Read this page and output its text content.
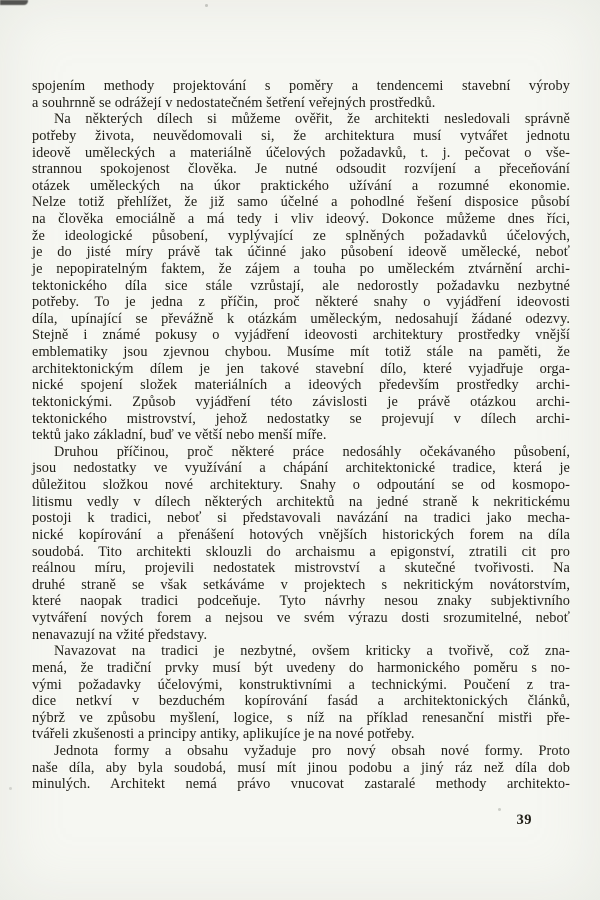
spojením methody projektování s poměry a tendencemi stavební výroby
a souhrnně se odrážejí v nedostatečném šetření veřejných prostředků.
Na některých dílech si můžeme ověřit, že architekti nesledovali správně
potřeby života, neuvědomovali si, že architektura musí vytvářet jednotu
ideově uměleckých a materiálně účelových požadavků, t. j. pečovat o vše-
strannou spokojenost člověka. Je nutné odsoudit rozvíjení a přeceňování
otázek uměleckých na úkor praktického užívání a rozumné ekonomie.
Nelze totiž přehlížet, že již samo účelné a pohodlné řešení disposice působí
na člověka emociálně a má tedy i vliv ideový. Dokonce můžeme dnes říci,
že ideologické působení, vyplývající ze splněných požadavků účelových,
je do jisté míry právě tak účinné jako působení ideově umělecké, neboť
je nepopiratelným faktem, že zájem a touha po uměleckém ztvárnění archi-
tektonického díla sice stále vzrůstají, ale nedorostly požadavku nezbytné
potřeby. To je jedna z příčin, proč některé snahy o vyjádření ideovosti
díla, upínající se převážně k otázkám uměleckým, nedosahují žádané odezvy.
Stejně i známé pokusy o vyjádření ideovosti architektury prostředky vnější
emblematiky jsou zjevnou chybou. Musíme mít totiž stále na paměti, že
architektonickým dílem je jen takové stavební dílo, které vyjadřuje orga-
nické spojení složek materiálních a ideových především prostředky archi-
tektonickými. Způsob vyjádření této závislosti je právě otázkou archi-
tektonického mistrovství, jehož nedostatky se projevují v dílech archi-
tektů jako základní, buď ve větší nebo menší míře.
Druhou příčinou, proč některé práce nedosáhly očekávaného působení,
jsou nedostatky ve využívání a chápání architektonické tradice, která je
důležitou složkou nové architektury. Snahy o odpoutání se od kosmopo-
litismu vedly v dílech některých architektů na jedné straně k nekritickému
postoji k tradici, neboť si představovali navázání na tradici jako mecha-
nické kopírování a přenášení hotových vnějších historických forem na díla
soudobá. Tito architekti sklouzli do archaismu a epigonství, ztratili cit pro
reálnou míru, projevili nedostatek mistrovství a skutečné tvořivosti. Na
druhé straně se však setkáváme v projektech s nekritickým novátorstvím,
které naopak tradici podceňuje. Tyto návrhy nesou znaky subjektivního
vytváření nových forem a nejsou ve svém výrazu dosti srozumitelné, neboť
nenavazují na vžité představy.
Navazovat na tradici je nezbytné, ovšem kriticky a tvořivě, což zna-
mená, že tradiční prvky musí být uvedeny do harmonického poměru s no-
vými požadavky účelovými, konstruktivními a technickými. Poučení z tra-
dice netkví v bezduchém kopírování fasád a architektonických článků,
nýbrž ve způsobu myšlení, logice, s níž na příklad renesanční mistři pře-
tvářeli zkušenosti a principy antiky, aplikujíce je na nové potřeby.
Jednota formy a obsahu vyžaduje pro nový obsah nové formy. Proto
naše díla, aby byla soudobá, musí mít jinou podobu a jiný ráz než díla dob
minulých. Architekt nemá právo vnucovat zastaralé methody architekto-
39
